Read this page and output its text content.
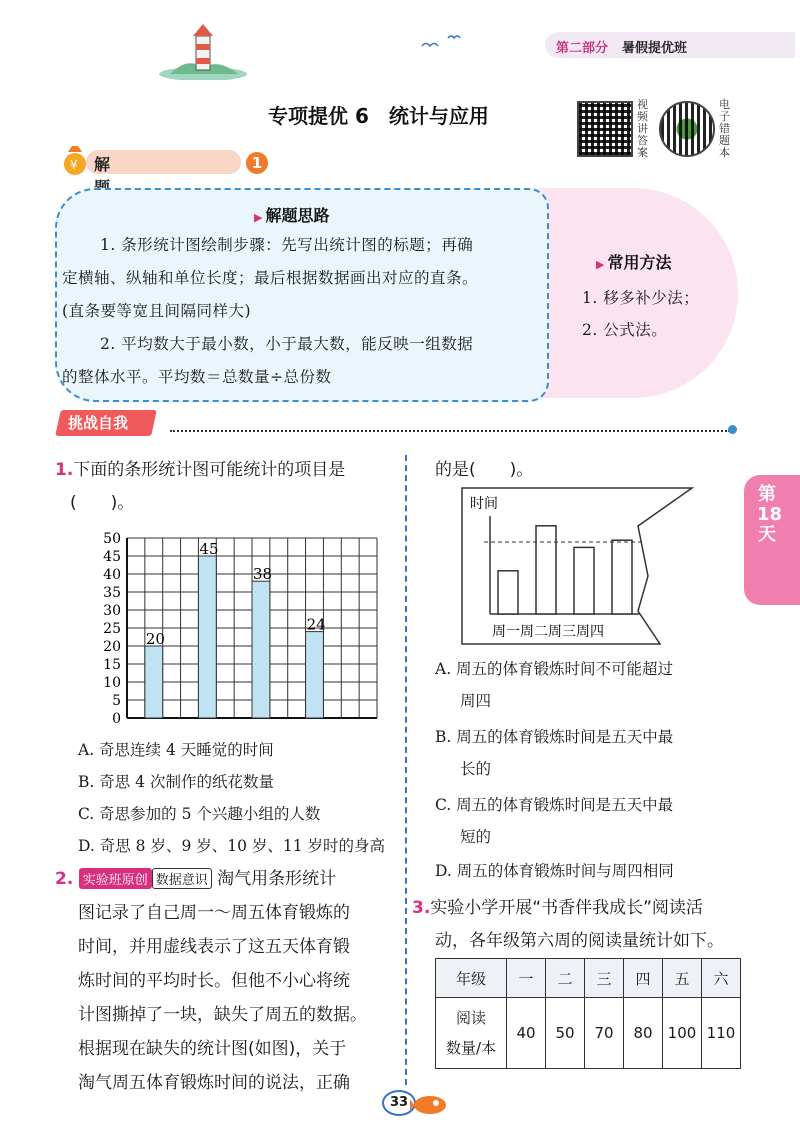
第二部分 暑假提优班
专项提优 6　统计与应用	视频讲答案
电子错题本
¥ 解	1
▶ 解题思路
1. 条形统计图绘制步骤：先写出统计图的标题；再确
定横轴、纵轴和单位长度；最后根据数据画出对应的直条。
(直条要等宽且间隔同样大)
2. 平均数大于最小数，小于最大数，能反映一组数据
的整体水平。平均数＝总数量÷总份数
▶ 常用方法
1. 移多补少法；
2. 公式法。
挑战自我
1.下面的条形统计图可能统计的项目是
(　　)。
0
5
10
15
20
25
30
35
40
45
50
20
45
38
24
A. 奇思连续 4 天睡觉的时间
B. 奇思 4 次制作的纸花数量
C. 奇思参加的 5 个兴趣小组的人数
D. 奇思 8 岁、9 岁、10 岁、11 岁时的身高
2. 实验班原创 数据意识 淘气用条形统计
图记录了自己周一～周五体育锻炼的
时间，并用虚线表示了这五天体育锻
炼时间的平均时长。但他不小心将统
计图撕掉了一块，缺失了周五的数据。
根据现在缺失的统计图(如图)，关于
淘气周五体育锻炼时间的说法，正确
的是(　　)。
时间
周一周二周三周四
A. 周五的体育锻炼时间不可能超过
周四
B. 周五的体育锻炼时间是五天中最
长的
C. 周五的体育锻炼时间是五天中最
短的
D. 周五的体育锻炼时间与周四相同
3.实验小学开展“书香伴我成长”阅读活
动，各年级第六周的阅读量统计如下。
年级	一	二	三	四	五	六
阅读
数量/本	40	50	70	80	100	110
第18天
33
